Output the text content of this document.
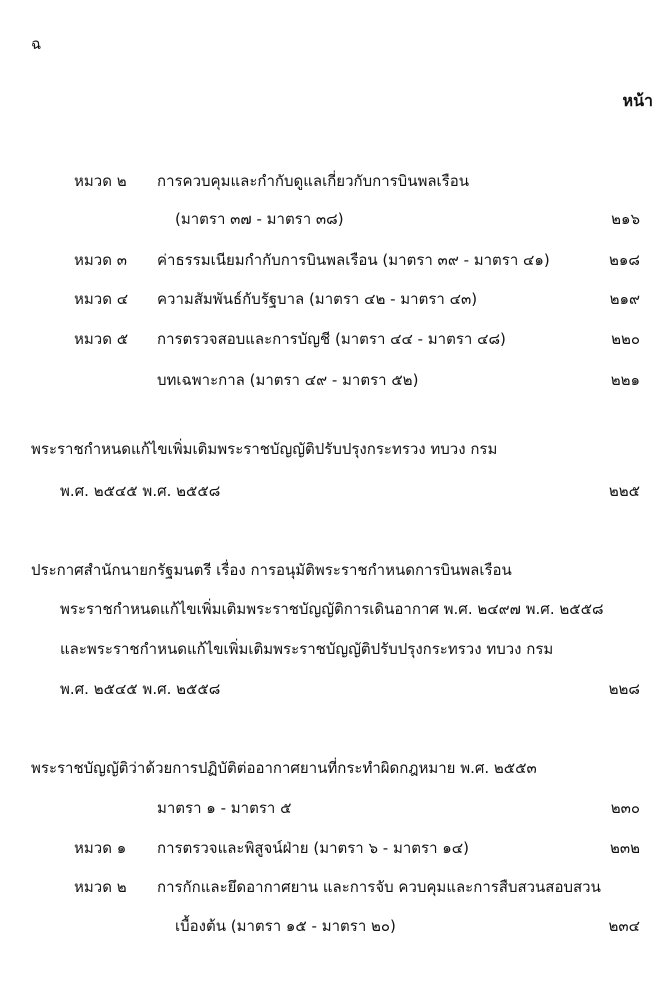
ฉ
หน้า
หมวด ๒ การควบคุมและกำกับดูแลเกี่ยวกับการบินพลเรือน
(มาตรา ๓๗ - มาตรา ๓๘)	๒๑๖
หมวด ๓ ค่าธรรมเนียมกำกับการบินพลเรือน (มาตรา ๓๙ - มาตรา ๔๑)	๒๑๘
หมวด ๔ ความสัมพันธ์กับรัฐบาล (มาตรา ๔๒ - มาตรา ๔๓)	๒๑๙
หมวด ๕ การตรวจสอบและการบัญชี (มาตรา ๔๔ - มาตรา ๔๘)	๒๒๐
บทเฉพาะกาล (มาตรา ๔๙ - มาตรา ๕๒)	๒๒๑
พระราชกำหนดแก้ไขเพิ่มเติมพระราชบัญญัติปรับปรุงกระทรวง ทบวง กรม
พ.ศ. ๒๕๔๕ พ.ศ. ๒๕๕๘	๒๒๕
ประกาศสำนักนายกรัฐมนตรี เรื่อง การอนุมัติพระราชกำหนดการบินพลเรือน
พระราชกำหนดแก้ไขเพิ่มเติมพระราชบัญญัติการเดินอากาศ พ.ศ. ๒๔๙๗ พ.ศ. ๒๕๕๘
และพระราชกำหนดแก้ไขเพิ่มเติมพระราชบัญญัติปรับปรุงกระทรวง ทบวง กรม
พ.ศ. ๒๕๔๕ พ.ศ. ๒๕๕๘	๒๒๘
พระราชบัญญัติว่าด้วยการปฏิบัติต่ออากาศยานที่กระทำผิดกฎหมาย พ.ศ. ๒๕๕๓
มาตรา ๑ - มาตรา ๕	๒๓๐
หมวด ๑ การตรวจและพิสูจน์ฝ่าย (มาตรา ๖ - มาตรา ๑๔)	๒๓๒
หมวด ๒ การกักและยึดอากาศยาน และการจับ ควบคุมและการสืบสวนสอบสวน
เบื้องต้น (มาตรา ๑๕ - มาตรา ๒๐)	๒๓๔
